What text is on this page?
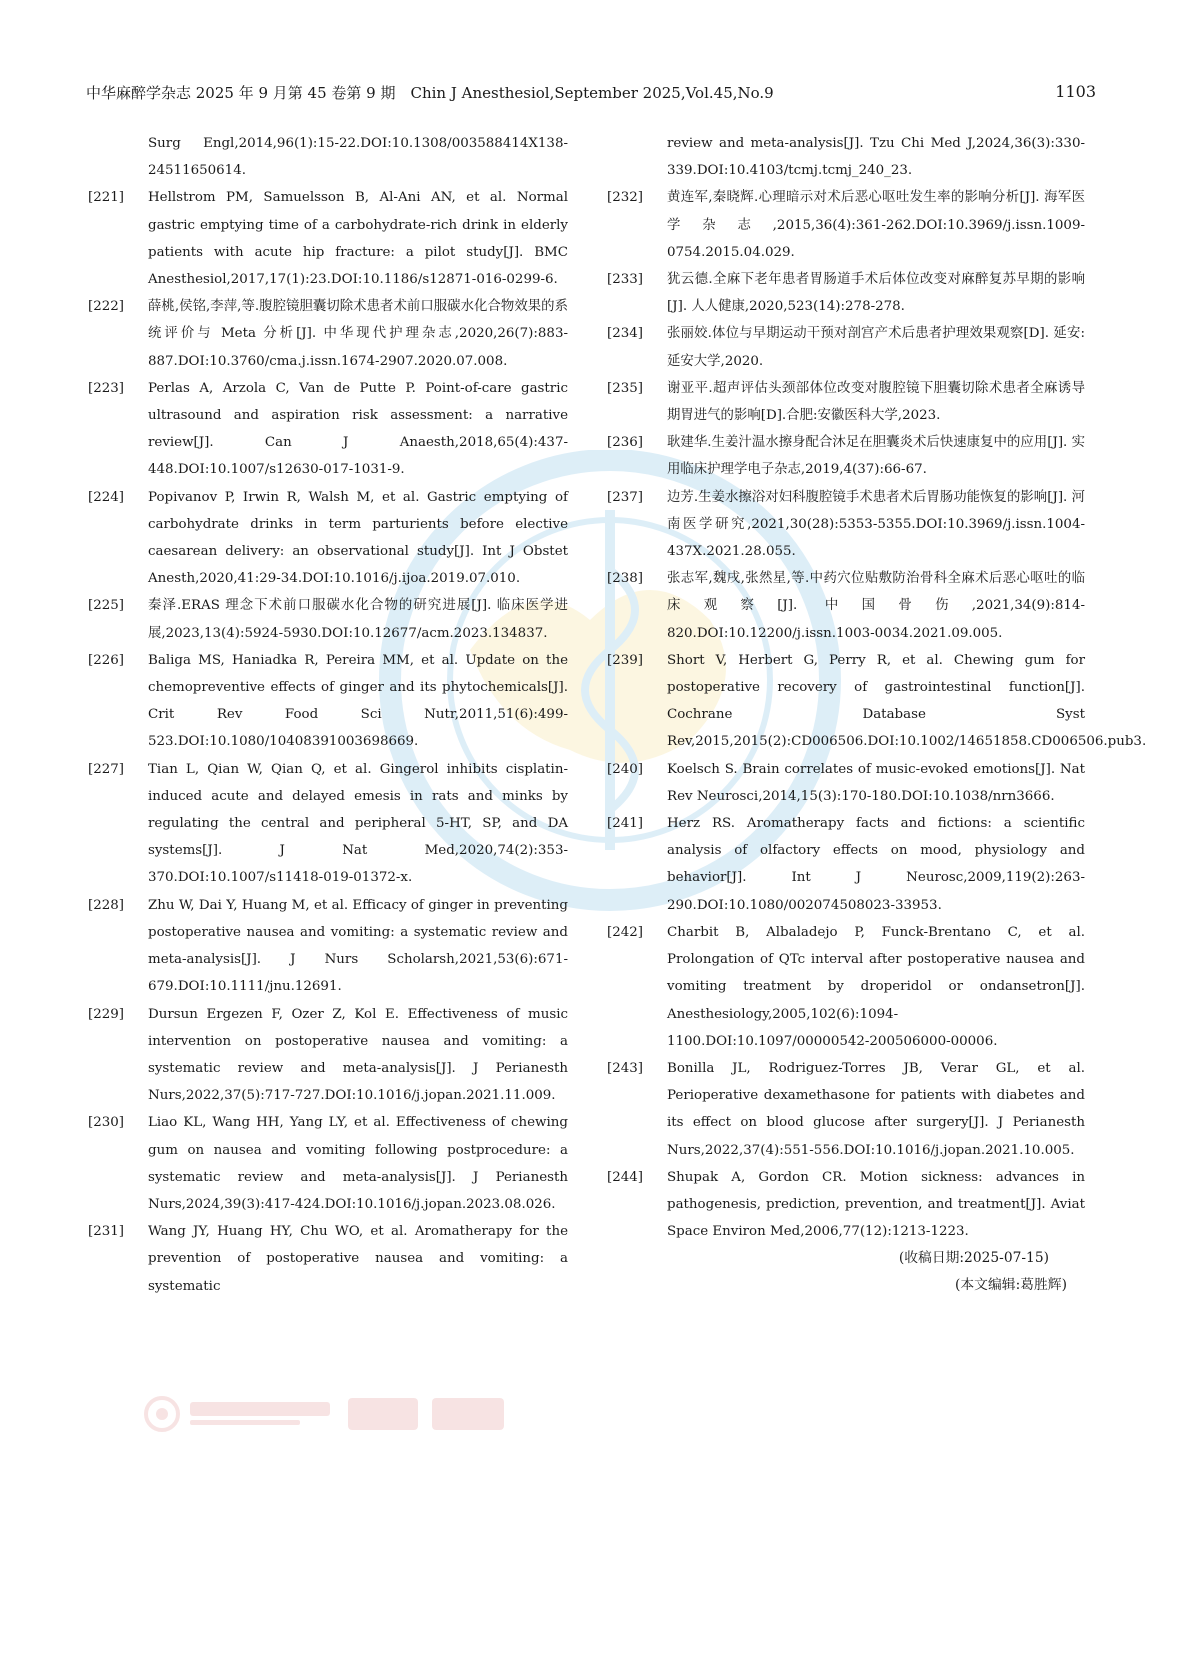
中华麻醉学杂志 2025 年 9 月第 45 卷第 9 期　Chin J Anesthesiol,September 2025,Vol.45,No.9	1103
Surg Engl,2014,96(1):15-22.DOI:10.1308/003588414X138-24511650614.
[221]	Hellstrom PM, Samuelsson B, Al-Ani AN, et al. Normal gastric emptying time of a carbohydrate-rich drink in elderly patients with acute hip fracture: a pilot study[J]. BMC Anesthesiol,2017,17(1):23.DOI:10.1186/s12871-016-0299-6.
[222]	薛桃,侯铭,李萍,等.腹腔镜胆囊切除术患者术前口服碳水化合物效果的系统评价与 Meta 分析[J]. 中华现代护理杂志,2020,26(7):883-887.DOI:10.3760/cma.j.issn.1674-2907.2020.07.008.
[223]	Perlas A, Arzola C, Van de Putte P. Point-of-care gastric ultrasound and aspiration risk assessment: a narrative review[J]. Can J Anaesth,2018,65(4):437-448.DOI:10.1007/s12630-017-1031-9.
[224]	Popivanov P, Irwin R, Walsh M, et al. Gastric emptying of carbohydrate drinks in term parturients before elective caesarean delivery: an observational study[J]. Int J Obstet Anesth,2020,41:29-34.DOI:10.1016/j.ijoa.2019.07.010.
[225]	秦泽.ERAS 理念下术前口服碳水化合物的研究进展[J]. 临床医学进展,2023,13(4):5924-5930.DOI:10.12677/acm.2023.134837.
[226]	Baliga MS, Haniadka R, Pereira MM, et al. Update on the chemopreventive effects of ginger and its phytochemicals[J]. Crit Rev Food Sci Nutr,2011,51(6):499-523.DOI:10.1080/10408391003698669.
[227]	Tian L, Qian W, Qian Q, et al. Gingerol inhibits cisplatin-induced acute and delayed emesis in rats and minks by regulating the central and peripheral 5-HT, SP, and DA systems[J]. J Nat Med,2020,74(2):353-370.DOI:10.1007/s11418-019-01372-x.
[228]	Zhu W, Dai Y, Huang M, et al. Efficacy of ginger in preventing postoperative nausea and vomiting: a systematic review and meta-analysis[J]. J Nurs Scholarsh,2021,53(6):671-679.DOI:10.1111/jnu.12691.
[229]	Dursun Ergezen F, Ozer Z, Kol E. Effectiveness of music intervention on postoperative nausea and vomiting: a systematic review and meta-analysis[J]. J Perianesth Nurs,2022,37(5):717-727.DOI:10.1016/j.jopan.2021.11.009.
[230]	Liao KL, Wang HH, Yang LY, et al. Effectiveness of chewing gum on nausea and vomiting following postprocedure: a systematic review and meta-analysis[J]. J Perianesth Nurs,2024,39(3):417-424.DOI:10.1016/j.jopan.2023.08.026.
[231]	Wang JY, Huang HY, Chu WO, et al. Aromatherapy for the prevention of postoperative nausea and vomiting: a systematic
review and meta-analysis[J]. Tzu Chi Med J,2024,36(3):330-339.DOI:10.4103/tcmj.tcmj_240_23.
[232]	黄连军,秦晓辉.心理暗示对术后恶心呕吐发生率的影响分析[J]. 海军医学杂志,2015,36(4):361-262.DOI:10.3969/j.issn.1009-0754.2015.04.029.
[233]	犹云德.全麻下老年患者胃肠道手术后体位改变对麻醉复苏早期的影响[J]. 人人健康,2020,523(14):278-278.
[234]	张丽姣.体位与早期运动干预对剖宫产术后患者护理效果观察[D]. 延安:延安大学,2020.
[235]	谢亚平.超声评估头颈部体位改变对腹腔镜下胆囊切除术患者全麻诱导期胃进气的影响[D].合肥:安徽医科大学,2023.
[236]	耿建华.生姜汁温水擦身配合沐足在胆囊炎术后快速康复中的应用[J]. 实用临床护理学电子杂志,2019,4(37):66-67.
[237]	边芳.生姜水擦浴对妇科腹腔镜手术患者术后胃肠功能恢复的影响[J]. 河南医学研究,2021,30(28):5353-5355.DOI:10.3969/j.issn.1004-437X.2021.28.055.
[238]	张志军,魏戌,张然星,等.中药穴位贴敷防治骨科全麻术后恶心呕吐的临床观察[J]. 中国骨伤,2021,34(9):814-820.DOI:10.12200/j.issn.1003-0034.2021.09.005.
[239]	Short V, Herbert G, Perry R, et al. Chewing gum for postoperative recovery of gastrointestinal function[J]. Cochrane Database Syst Rev,2015,2015(2):CD006506.DOI:10.1002/14651858.CD006506.pub3.
[240]	Koelsch S. Brain correlates of music-evoked emotions[J]. Nat Rev Neurosci,2014,15(3):170-180.DOI:10.1038/nrn3666.
[241]	Herz RS. Aromatherapy facts and fictions: a scientific analysis of olfactory effects on mood, physiology and behavior[J]. Int J Neurosc,2009,119(2):263-290.DOI:10.1080/002074508023-33953.
[242]	Charbit B, Albaladejo P, Funck-Brentano C, et al. Prolongation of QTc interval after postoperative nausea and vomiting treatment by droperidol or ondansetron[J]. Anesthesiology,2005,102(6):1094-1100.DOI:10.1097/00000542-200506000-00006.
[243]	Bonilla JL, Rodriguez-Torres JB, Verar GL, et al. Perioperative dexamethasone for patients with diabetes and its effect on blood glucose after surgery[J]. J Perianesth Nurs,2022,37(4):551-556.DOI:10.1016/j.jopan.2021.10.005.
[244]	Shupak A, Gordon CR. Motion sickness: advances in pathogenesis, prediction, prevention, and treatment[J]. Aviat Space Environ Med,2006,77(12):1213-1223.
(收稿日期:2025-07-15)
(本文编辑:葛胜辉)
